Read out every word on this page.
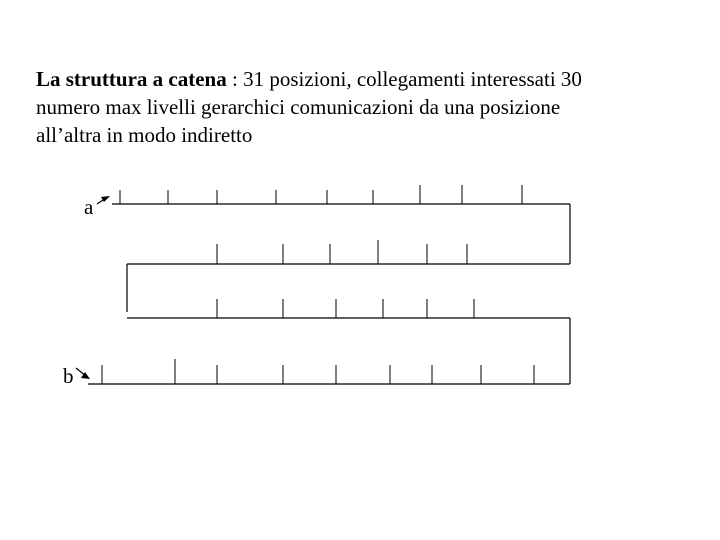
La struttura a catena : 31 posizioni, collegamenti interessati 30
numero max livelli gerarchici comunicazioni da una posizione
all’altra in modo indiretto
a
b
